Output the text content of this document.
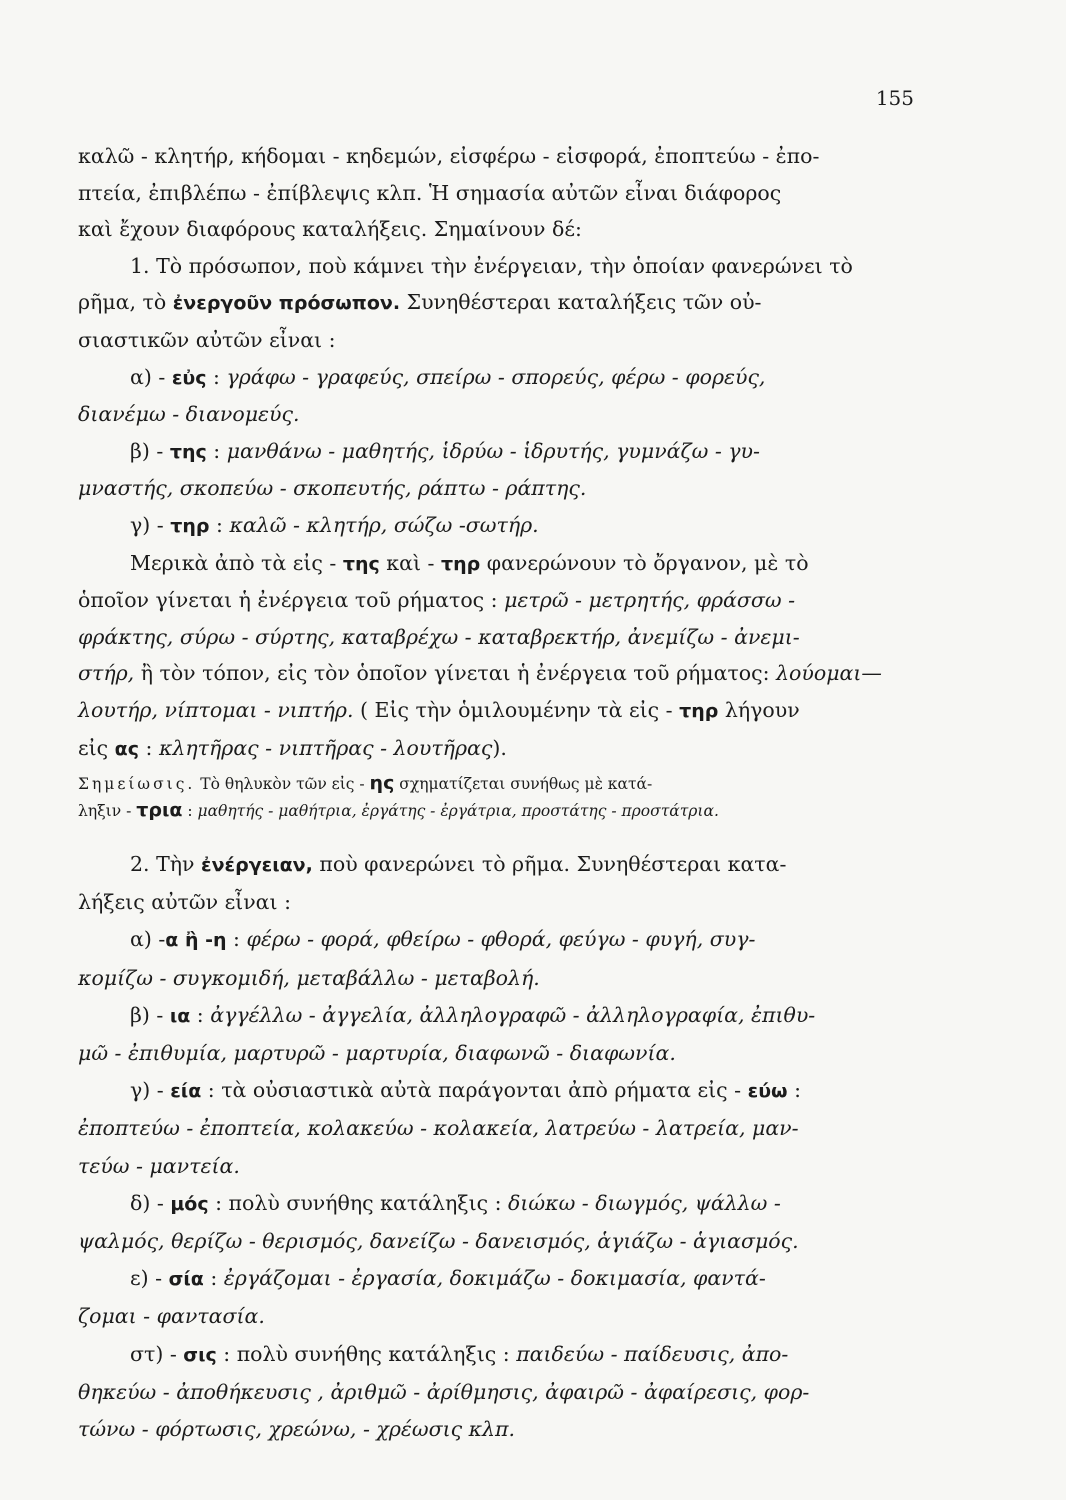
155
καλῶ - κλητήρ, κήδομαι - κηδεμών, εἰσφέρω - εἰσφορά, ἐποπτεύω - ἐπο-
πτεία, ἐπιβλέπω - ἐπίβλεψις κλπ. Ἡ σημασία αὐτῶν εἶναι διάφορος
καὶ ἔχουν διαφόρους καταλήξεις. Σημαίνουν δέ:
1. Τὸ πρόσωπον, ποὺ κάμνει τὴν ἐνέργειαν, τὴν ὁποίαν φανερώνει τὸ
ρῆμα, τὸ ἐνεργοῦν πρόσωπον. Συνηθέστεραι καταλήξεις τῶν οὐ-
σιαστικῶν αὐτῶν εἶναι :
α) - εὐς : γράφω - γραφεύς, σπείρω - σπορεύς, φέρω - φορεύς,
διανέμω - διανομεύς.
β) - της : μανθάνω - μαθητής, ἱδρύω - ἱδρυτής, γυμνάζω - γυ-
μναστής, σκοπεύω - σκοπευτής, ράπτω - ράπτης.
γ) - τηρ : καλῶ - κλητήρ, σώζω -σωτήρ.
Μερικὰ ἀπὸ τὰ εἰς - της καὶ - τηρ φανερώνουν τὸ ὄργανον, μὲ τὸ
ὁποῖον γίνεται ἡ ἐνέργεια τοῦ ρήματος : μετρῶ - μετρητής, φράσσω -
φράκτης, σύρω - σύρτης, καταβρέχω - καταβρεκτήρ, ἀνεμίζω - ἀνεμι-
στήρ, ἢ τὸν τόπον, εἰς τὸν ὁποῖον γίνεται ἡ ἐνέργεια τοῦ ρήματος: λούομαι—
λουτήρ, νίπτομαι - νιπτήρ. ( Εἰς τὴν ὁμιλουμένην τὰ εἰς - τηρ λήγουν
εἰς ας : κλητῆρας - νιπτῆρας - λουτῆρας).
Σημείωσις. Τὸ θηλυκὸν τῶν εἰς - ης σχηματίζεται συνήθως μὲ κατά-
ληξιν - τρια : μαθητής - μαθήτρια, ἐργάτης - ἐργάτρια, προστάτης - προστάτρια.
2. Τὴν ἐνέργειαν, ποὺ φανερώνει τὸ ρῆμα. Συνηθέστεραι κατα-
λήξεις αὐτῶν εἶναι :
α) -α ἢ -η : φέρω - φορά, φθείρω - φθορά, φεύγω - φυγή, συγ-
κομίζω - συγκομιδή, μεταβάλλω - μεταβολή.
β) - ια : ἀγγέλλω - ἀγγελία, ἀλληλογραφῶ - ἀλληλογραφία, ἐπιθυ-
μῶ - ἐπιθυμία, μαρτυρῶ - μαρτυρία, διαφωνῶ - διαφωνία.
γ) - εία : τὰ οὐσιαστικὰ αὐτὰ παράγονται ἀπὸ ρήματα εἰς - εύω :
ἐποπτεύω - ἐποπτεία, κολακεύω - κολακεία, λατρεύω - λατρεία, μαν-
τεύω - μαντεία.
δ) - μός : πολὺ συνήθης κατάληξις : διώκω - διωγμός, ψάλλω -
ψαλμός, θερίζω - θερισμός, δανείζω - δανεισμός, ἁγιάζω - ἁγιασμός.
ε) - σία : ἐργάζομαι - ἐργασία, δοκιμάζω - δοκιμασία, φαντά-
ζομαι - φαντασία.
στ) - σις : πολὺ συνήθης κατάληξις : παιδεύω - παίδευσις, ἀπο-
θηκεύω - ἀποθήκευσις , ἀριθμῶ - ἀρίθμησις, ἀφαιρῶ - ἀφαίρεσις, φορ-
τώνω - φόρτωσις, χρεώνω, - χρέωσις κλπ.
